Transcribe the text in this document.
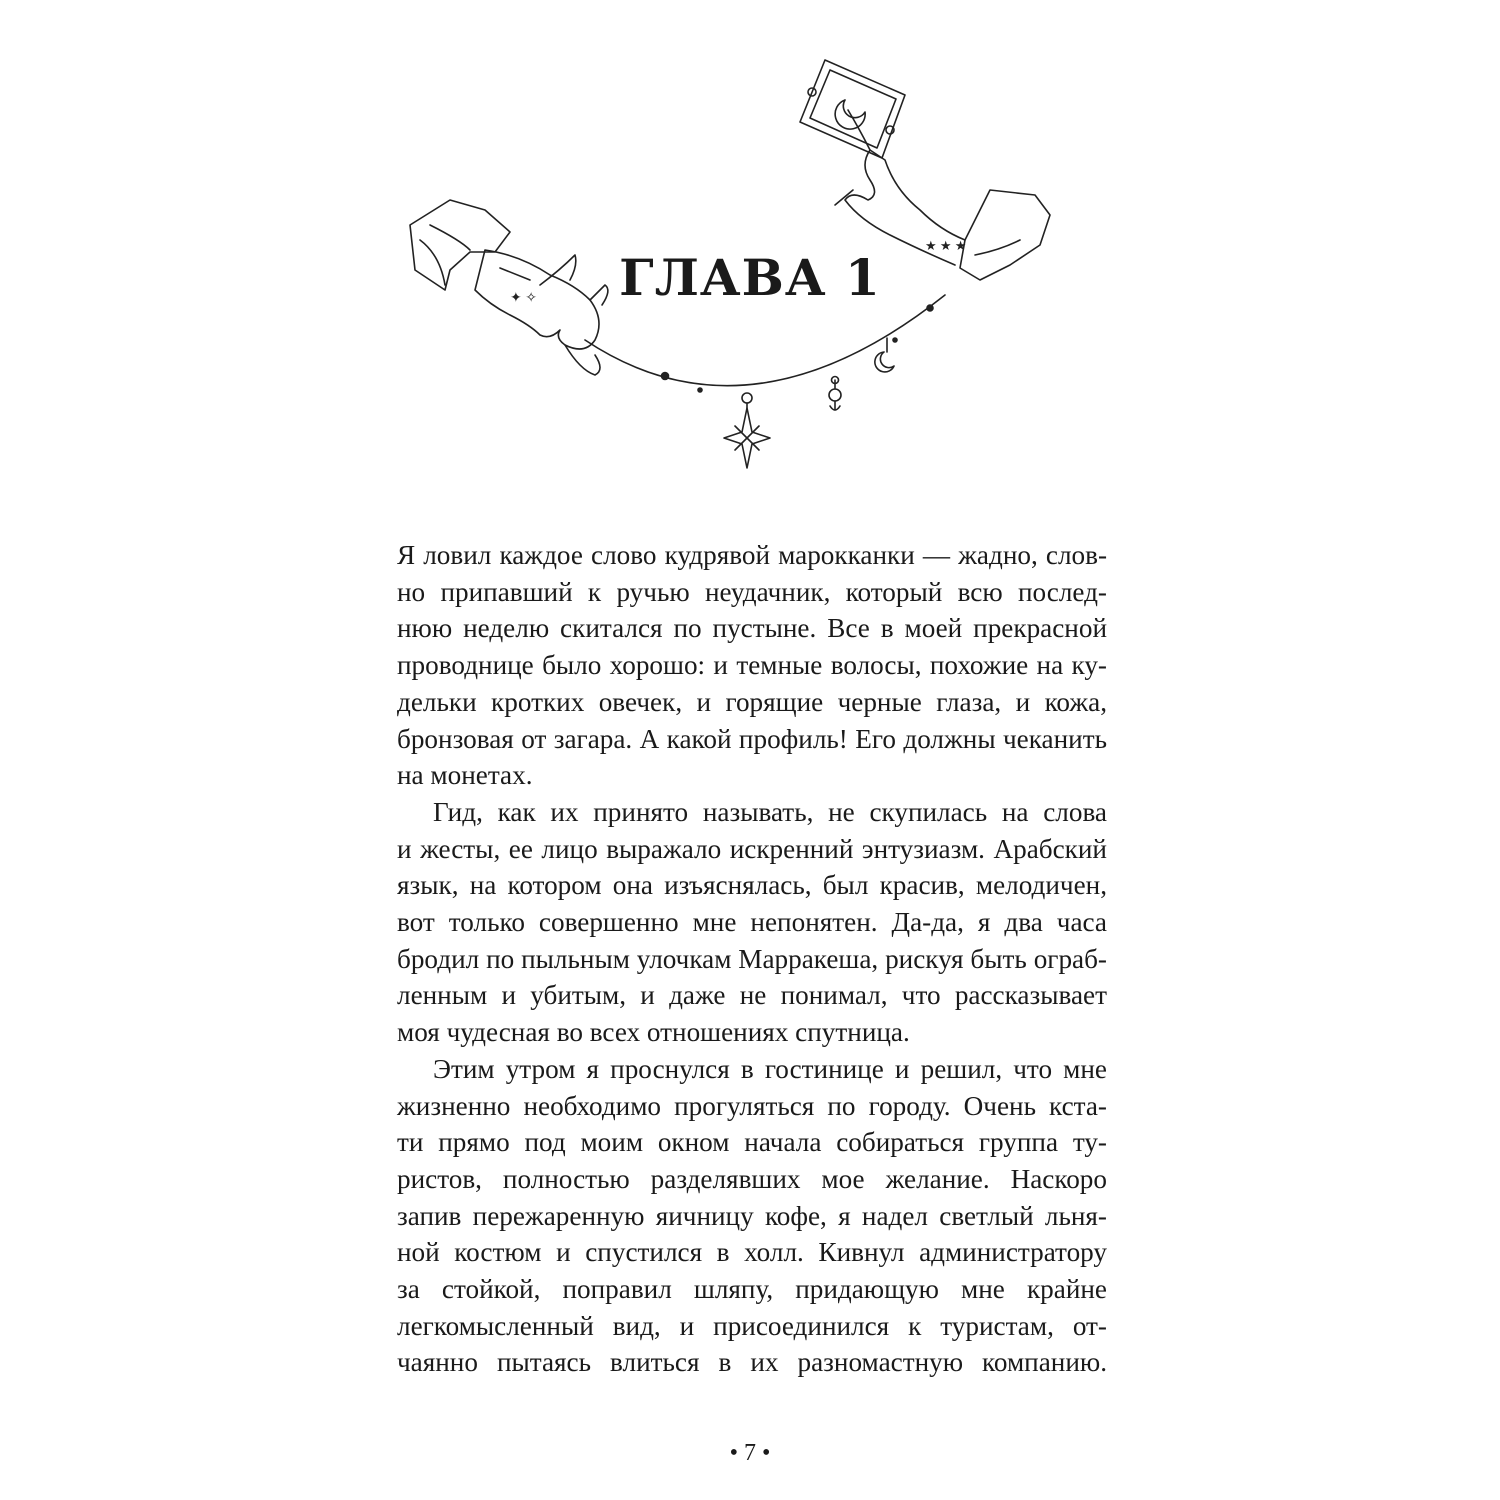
✦ ✧
★ ★ ★
ГЛАВА 1

Я ловил каждое слово кудрявой марокканки — жадно, слов-
но припавший к ручью неудачник, который всю послед-
нюю неделю скитался по пустыне. Все в моей прекрасной
проводнице было хорошо: и темные волосы, похожие на ку-
дельки кротких овечек, и горящие черные глаза, и кожа,
бронзовая от загара. А какой профиль! Его должны чеканить
на монетах.

Гид, как их принято называть, не скупилась на слова
и жесты, ее лицо выражало искренний энтузиазм. Арабский
язык, на котором она изъяснялась, был красив, мелодичен,
вот только совершенно мне непонятен. Да-да, я два часа
бродил по пыльным улочкам Марракеша, рискуя быть ограб-
ленным и убитым, и даже не понимал, что рассказывает
моя чудесная во всех отношениях спутница.

Этим утром я проснулся в гостинице и решил, что мне
жизненно необходимо прогуляться по городу. Очень кста-
ти прямо под моим окном начала собираться группа ту-
ристов, полностью разделявших мое желание. Наскоро
запив пережаренную яичницу кофе, я надел светлый льня-
ной костюм и спустился в холл. Кивнул администратору
за стойкой, поправил шляпу, придающую мне крайне
легкомысленный вид, и присоединился к туристам, от-
чаянно пытаясь влиться в их разномастную компанию.

• 7 •
